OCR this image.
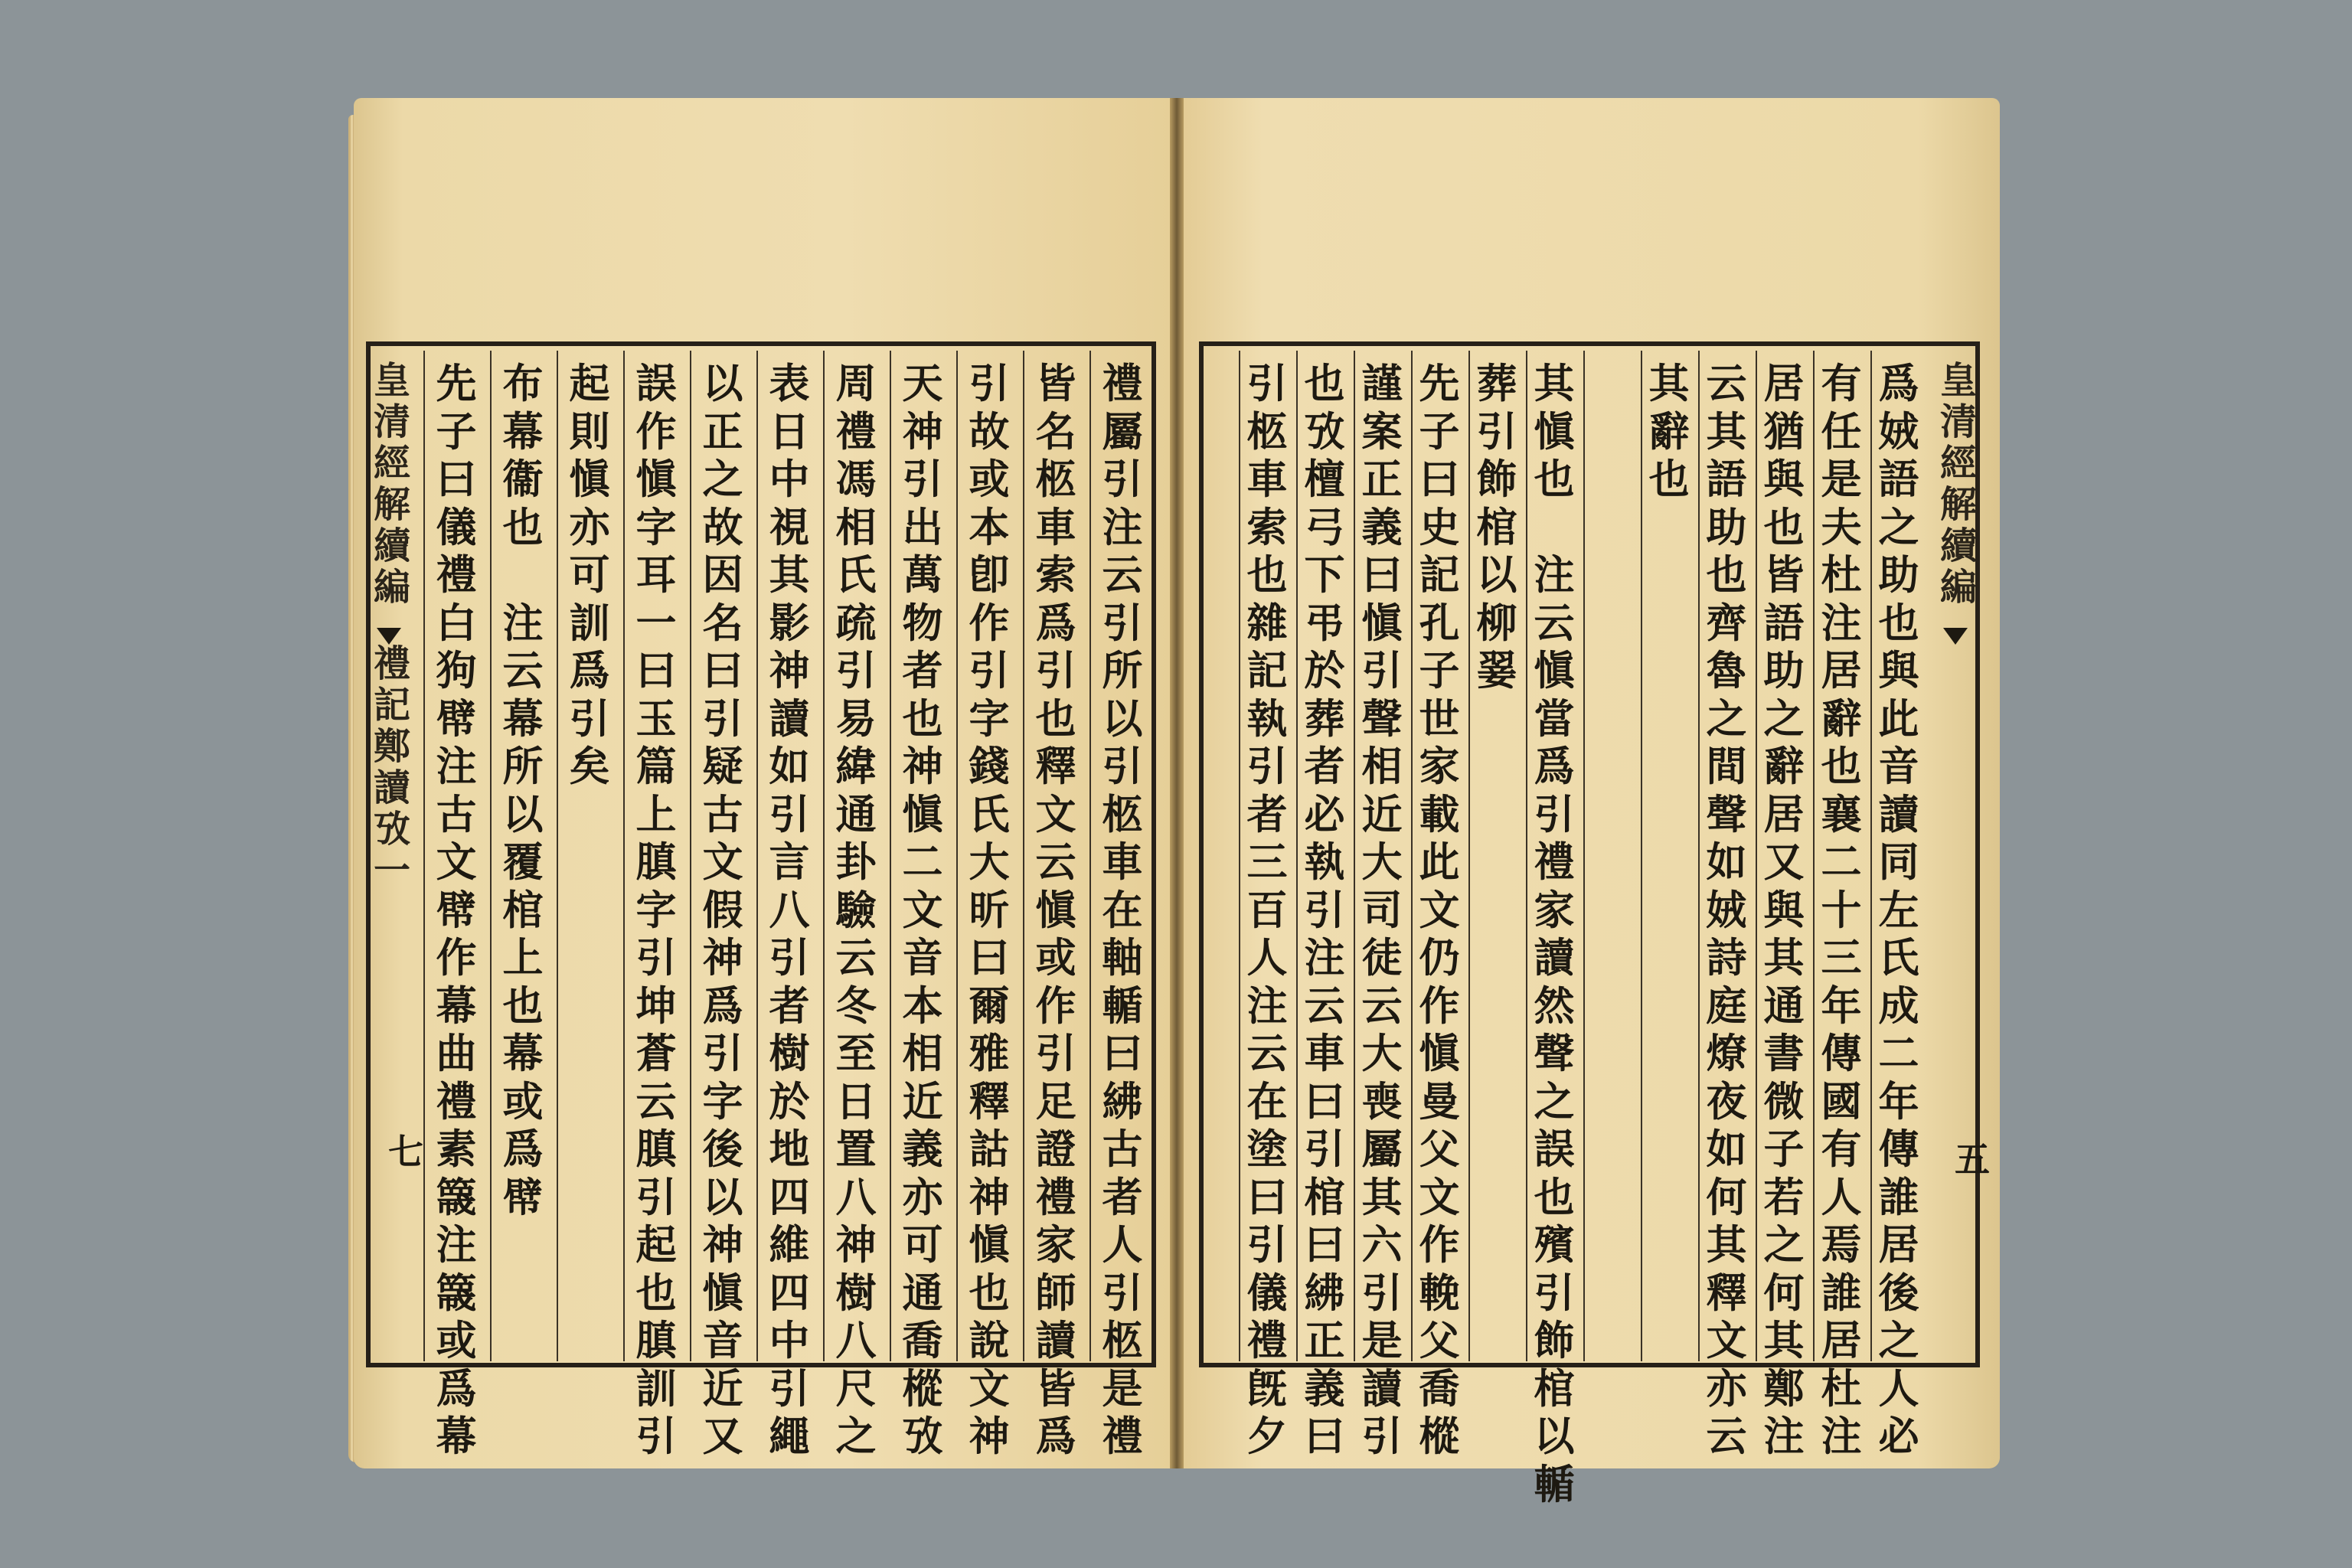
禮
屬
引
注
云
引
所
以
引
柩
車
在
軸
輴
曰
紼
古
者
人
引
柩
是
禮
皆
名
柩
車
索
爲
引
也
釋
文
云
愼
或
作
引
足
證
禮
家
師
讀
皆
爲
引
故
或
本
卽
作
引
字
錢
氏
大
昕
曰
爾
雅
釋
詁
神
愼
也
說
文
神
天
神
引
出
萬
物
者
也
神
愼
二
文
音
本
相
近
義
亦
可
通
喬
樅
攷
周
禮
馮
相
氏
疏
引
易
緯
通
卦
驗
云
冬
至
日
置
八
神
樹
八
尺
之
表
日
中
視
其
影
神
讀
如
引
言
八
引
者
樹
於
地
四
維
四
中
引
繩
以
正
之
故
因
名
曰
引
疑
古
文
假
神
爲
引
字
後
以
神
愼
音
近
又
誤
作
愼
字
耳
一
曰
玉
篇
上
䐜
字
引
坤
蒼
云
䐜
引
起
也
䐜
訓
引
起
則
愼
亦
可
訓
爲
引
矣
布
幕
衞
也

注
云
幕
所
以
覆
棺
上
也
幕
或
爲
幦
先
子
曰
儀
禮
白
狗
幦
注
古
文
幦
作
幕
曲
禮
素
簚
注
簚
或
爲
幕
爲
娀
語
之
助
也
與
此
音
讀
同
左
氏
成
二
年
傳
誰
居
後
之
人
必
有
任
是
夫
杜
注
居
辭
也
襄
二
十
三
年
傳
國
有
人
焉
誰
居
杜
注
居
猶
與
也
皆
語
助
之
辭
居
又
與
其
通
書
微
子
若
之
何
其
鄭
注
云
其
語
助
也
齊
魯
之
間
聲
如
娀
詩
庭
燎
夜
如
何
其
釋
文
亦
云
其
辭
也
其
愼
也

注
云
愼
當
爲
引
禮
家
讀
然
聲
之
誤
也
殯
引
飾
棺
以
輴
葬
引
飾
棺
以
柳
翣
先
子
曰
史
記
孔
子
世
家
載
此
文
仍
作
愼
曼
父
文
作
輓
父
喬
樅
謹
案
正
義
曰
愼
引
聲
相
近
大
司
徒
云
大
喪
屬
其
六
引
是
讀
引
也
攷
檀
弓
下
弔
於
葬
者
必
執
引
注
云
車
曰
引
棺
曰
紼
正
義
曰
引
柩
車
索
也
雜
記
執
引
者
三
百
人
注
云
在
塗
曰
引
儀
禮
旣
夕
皇
清
經
解
續
編
禮
記
鄭
讀
攷
一
七
皇
清
經
解
續
編
五
